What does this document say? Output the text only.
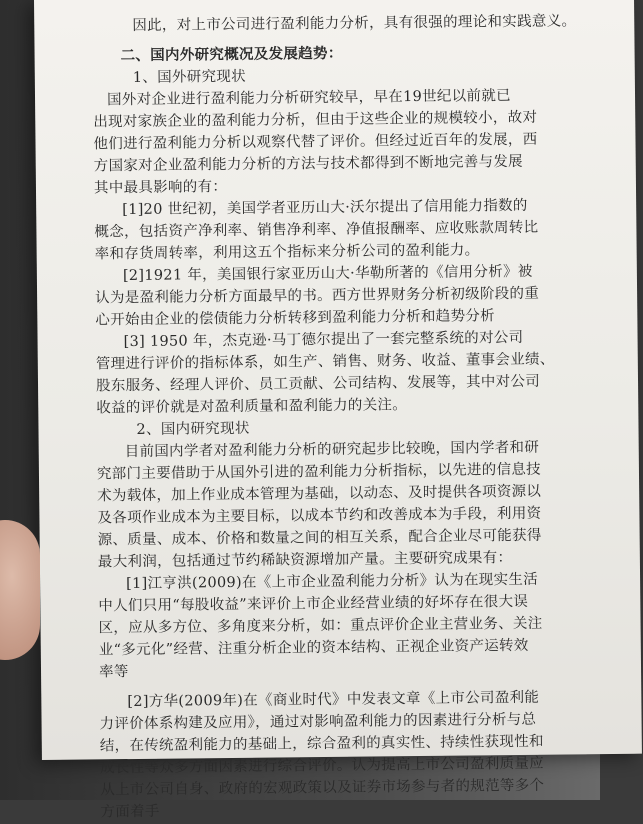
因此，对上市公司进行盈利能力分析，具有很强的理论和实践意义。
二、国内外研究概况及发展趋势：
1、国外研究现状
国外对企业进行盈利能力分析研究较早，早在19世纪以前就已
出现对家族企业的盈利能力分析，但由于这些企业的规模较小，故对
他们进行盈利能力分析以观察代替了评价。但经过近百年的发展，西
方国家对企业盈利能力分析的方法与技术都得到不断地完善与发展
其中最具影响的有：
[1]20 世纪初，美国学者亚历山大·沃尔提出了信用能力指数的
概念，包括资产净利率、销售净利率、净值报酬率、应收账款周转比
率和存货周转率，利用这五个指标来分析公司的盈利能力。
[2]1921 年，美国银行家亚历山大·华勒所著的《信用分析》被
认为是盈利能力分析方面最早的书。西方世界财务分析初级阶段的重
心开始由企业的偿债能力分析转移到盈利能力分析和趋势分析
[3] 1950 年，杰克逊·马丁德尔提出了一套完整系统的对公司
管理进行评价的指标体系，如生产、销售、财务、收益、董事会业绩、
股东服务、经理人评价、员工贡献、公司结构、发展等，其中对公司
收益的评价就是对盈利质量和盈利能力的关注。
2、国内研究现状
目前国内学者对盈利能力分析的研究起步比较晚，国内学者和研
究部门主要借助于从国外引进的盈利能力分析指标，以先进的信息技
术为载体，加上作业成本管理为基础，以动态、及时提供各项资源以
及各项作业成本为主要目标，以成本节约和改善成本为手段，利用资
源、质量、成本、价格和数量之间的相互关系，配合企业尽可能获得
最大利润，包括通过节约稀缺资源增加产量。主要研究成果有：
[1]江亨洪(2009)在《上市企业盈利能力分析》认为在现实生活
中人们只用“每股收益”来评价上市企业经营业绩的好坏存在很大误
区，应从多方位、多角度来分析，如：重点评价企业主营业务、关注
业“多元化”经营、注重分析企业的资本结构、正视企业资产运转效
率等
[2]方华(2009年)在《商业时代》中发表文章《上市公司盈利能
力评价体系构建及应用》，通过对影响盈利能力的因素进行分析与总
结，在传统盈利能力的基础上，综合盈利的真实性、持续性获现性和
成长性等众多方面因素进行综合评价。认为提高上市公司盈利质量应
从上市公司自身、政府的宏观政策以及证券市场参与者的规范等多个
方面着手
